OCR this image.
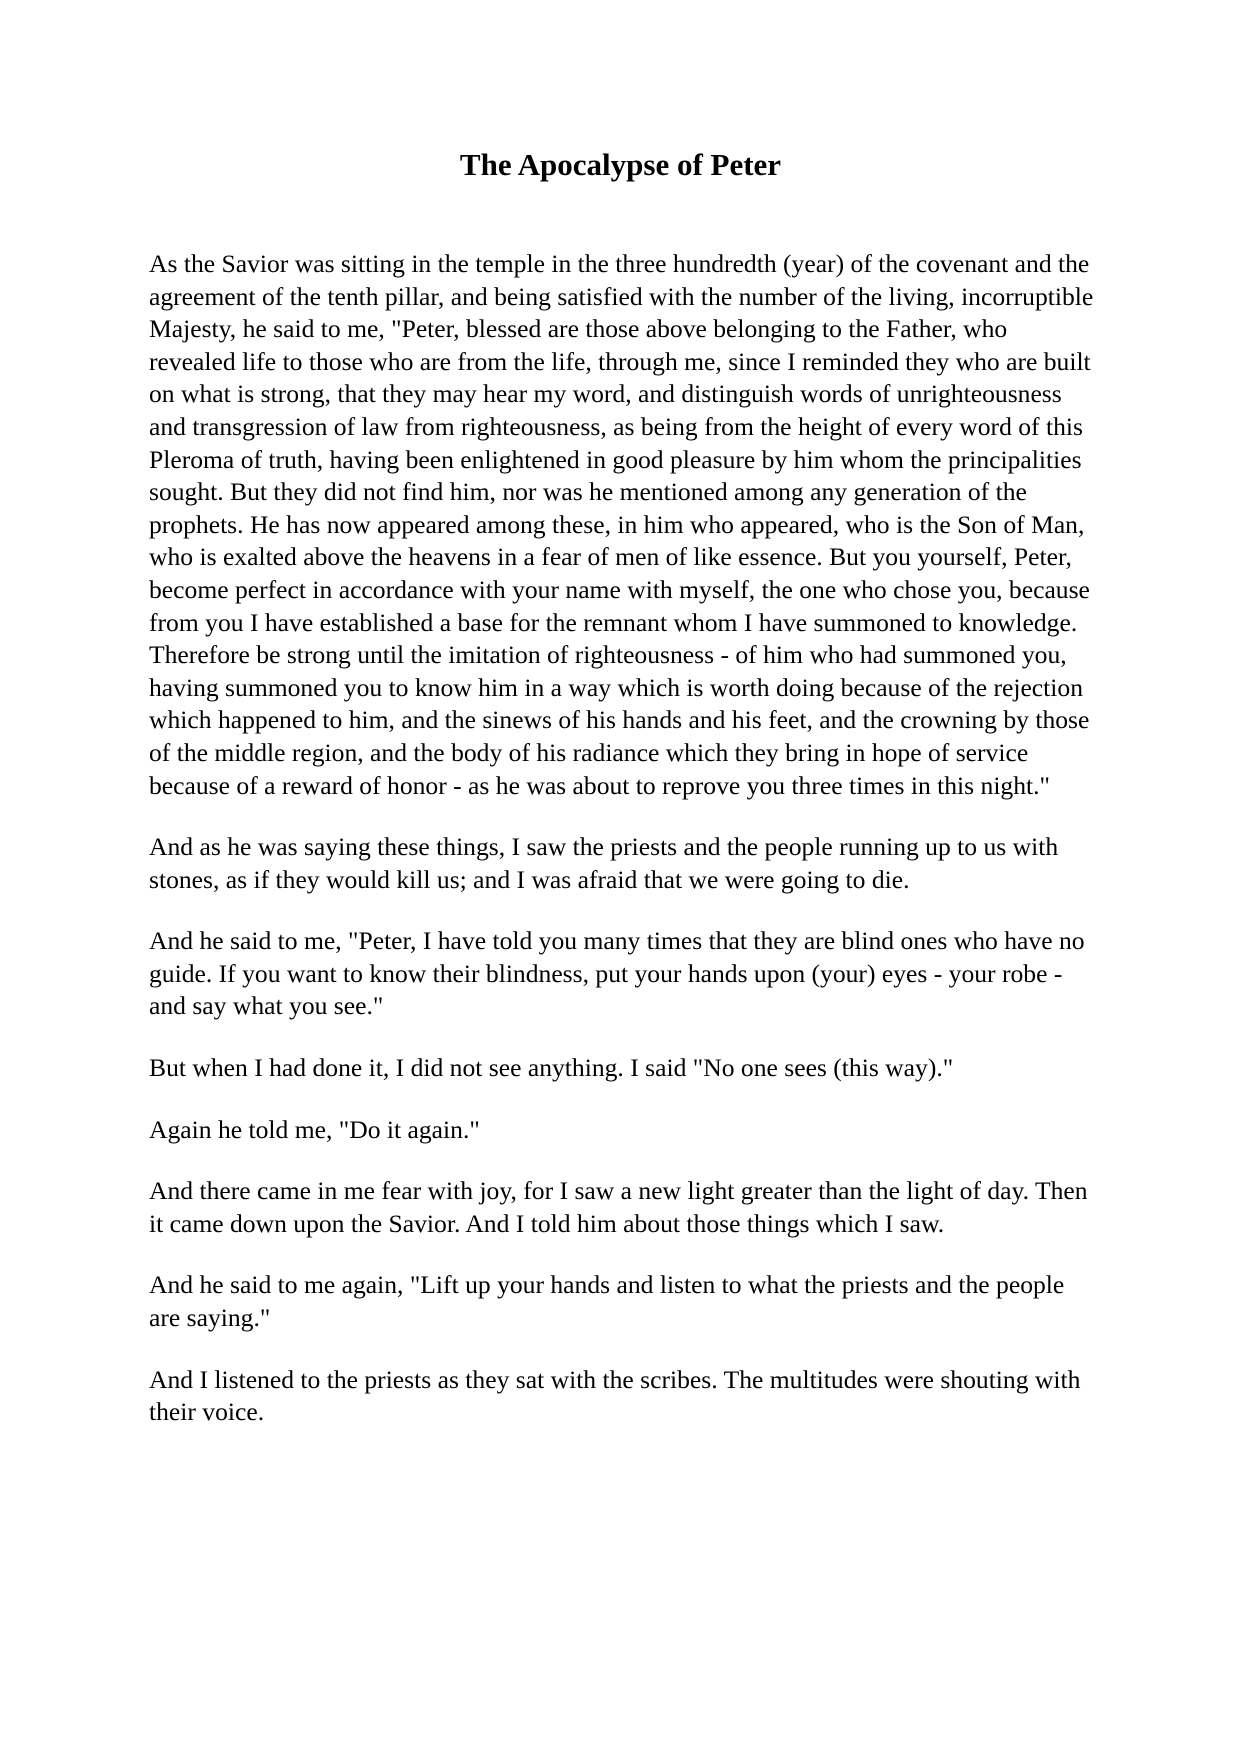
The Apocalypse of Peter

As the Savior was sitting in the temple in the three hundredth (year) of the covenant and the agreement of the tenth pillar, and being satisfied with the number of the living, incorruptible Majesty, he said to me, "Peter, blessed are those above belonging to the Father, who revealed life to those who are from the life, through me, since I reminded they who are built on what is strong, that they may hear my word, and distinguish words of unrighteousness and transgression of law from righteousness, as being from the height of every word of this Pleroma of truth, having been enlightened in good pleasure by him whom the principalities sought. But they did not find him, nor was he mentioned among any generation of the prophets. He has now appeared among these, in him who appeared, who is the Son of Man, who is exalted above the heavens in a fear of men of like essence. But you yourself, Peter, become perfect in accordance with your name with myself, the one who chose you, because from you I have established a base for the remnant whom I have summoned to knowledge. Therefore be strong until the imitation of righteousness - of him who had summoned you, having summoned you to know him in a way which is worth doing because of the rejection which happened to him, and the sinews of his hands and his feet, and the crowning by those of the middle region, and the body of his radiance which they bring in hope of service because of a reward of honor - as he was about to reprove you three times in this night."

And as he was saying these things, I saw the priests and the people running up to us with stones, as if they would kill us; and I was afraid that we were going to die.

And he said to me, "Peter, I have told you many times that they are blind ones who have no guide. If you want to know their blindness, put your hands upon (your) eyes - your robe - and say what you see."

But when I had done it, I did not see anything. I said "No one sees (this way)."

Again he told me, "Do it again."

And there came in me fear with joy, for I saw a new light greater than the light of day. Then it came down upon the Savior. And I told him about those things which I saw.

And he said to me again, "Lift up your hands and listen to what the priests and the people are saying."

And I listened to the priests as they sat with the scribes. The multitudes were shouting with their voice.
